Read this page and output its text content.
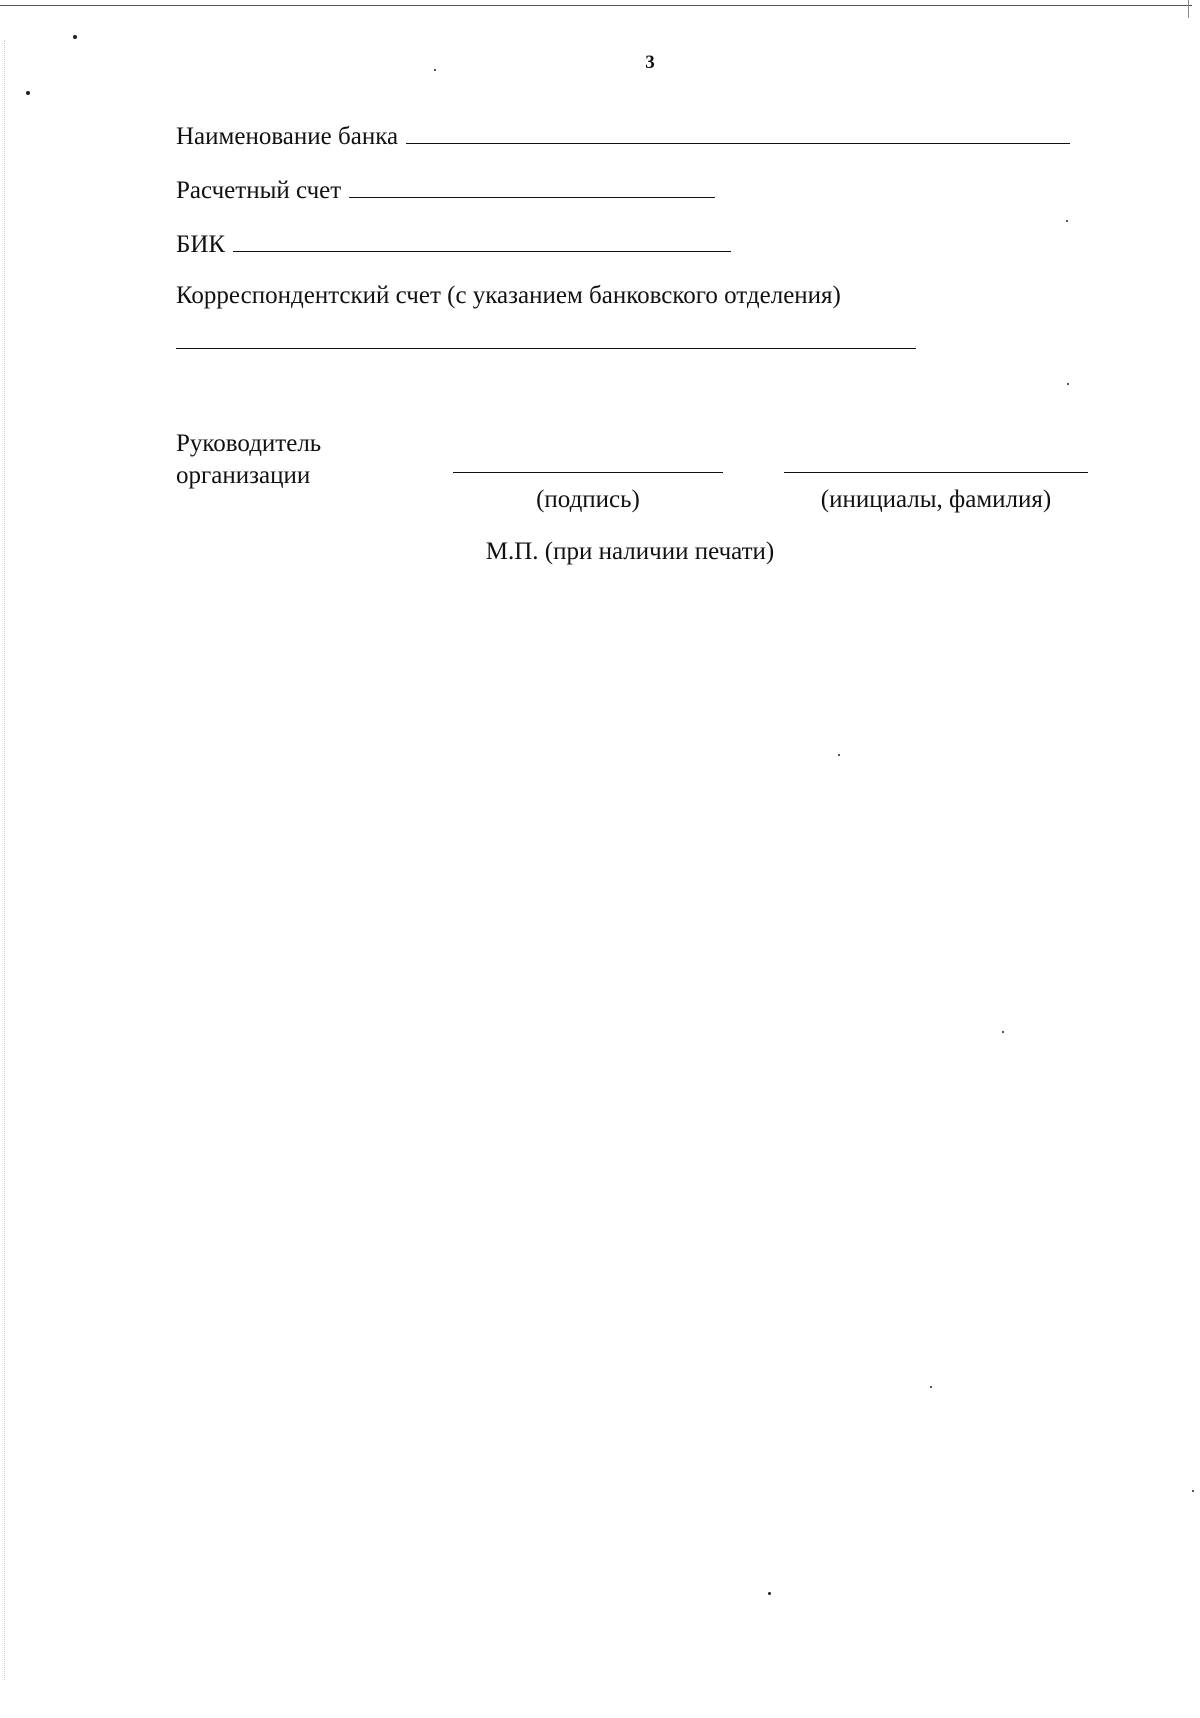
3
Наименование банка
Расчетный счет
БИК
Корреспондентский счет (с указанием банковского отделения)
Руководитель
организации
(подпись)	(инициалы, фамилия)
М.П. (при наличии печати)
